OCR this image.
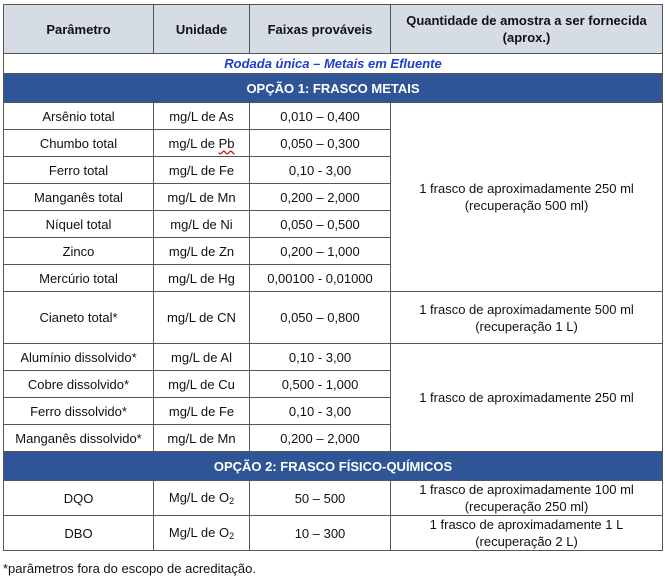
Parâmetro	Unidade	Faixas prováveis	Quantidade de amostra a ser fornecida (aprox.)
Rodada única – Metais em Efluente			
OPÇÃO 1: FRASCO METAIS			
Arsênio total	mg/L de As	0,010 – 0,400	1 frasco de aproximadamente 250 ml
(recuperação 500 ml)
Chumbo total	mg/L de Pb	0,050 – 0,300	
Ferro total	mg/L de Fe	0,10 - 3,00	
Manganês total	mg/L de Mn	0,200 – 2,000	
Níquel total	mg/L de Ni	0,050 – 0,500	
Zinco	mg/L de Zn	0,200 – 1,000	
Mercúrio total	mg/L de Hg	0,00100 - 0,01000	
Cianeto total*	mg/L de CN	0,050 – 0,800	1 frasco de aproximadamente 500 ml
(recuperação 1 L)
Alumínio dissolvido*	mg/L de Al	0,10 - 3,00	1 frasco de aproximadamente 250 ml
Cobre dissolvido*	mg/L de Cu	0,500 - 1,000	
Ferro dissolvido*	mg/L de Fe	0,10 - 3,00	
Manganês dissolvido*	mg/L de Mn	0,200 – 2,000	
OPÇÃO 2: FRASCO FÍSICO-QUÍMICOS			
DQO	Mg/L de $O_2$	50 – 500	1 frasco de aproximadamente 100 ml
(recuperação 250 ml)
DBO	Mg/L de $O_2$	10 – 300	1 frasco de aproximadamente 1 L
(recuperação 2 L)
*parâmetros fora do escopo de acreditação.
